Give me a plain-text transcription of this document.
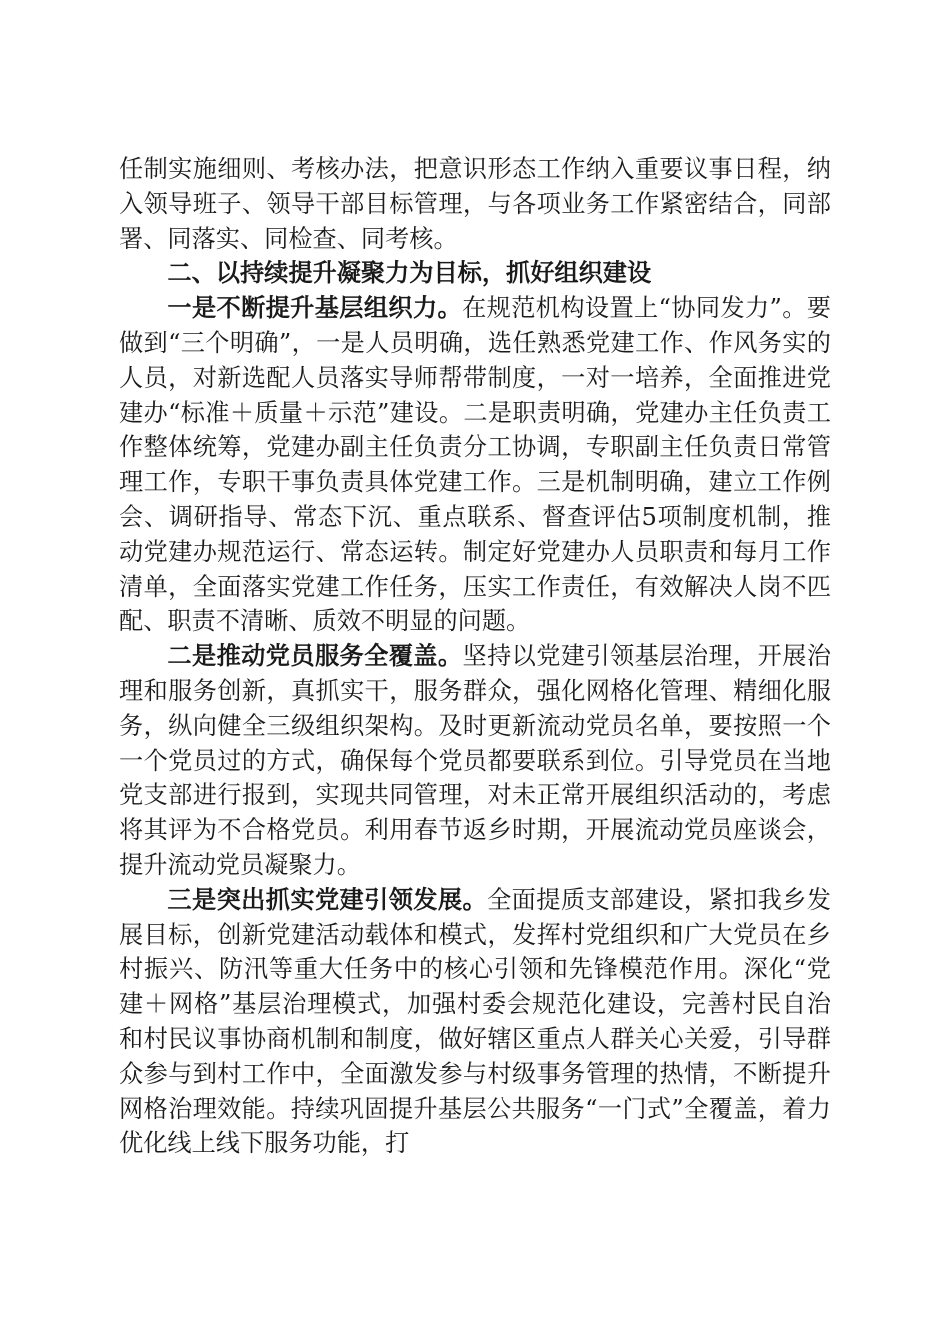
任制实施细则、考核办法，把意识形态工作纳入重要议事日程，纳入领导班子、领导干部目标管理，与各项业务工作紧密结合，同部署、同落实、同检查、同考核。

二、以持续提升凝聚力为目标，抓好组织建设

一是不断提升基层组织力。在规范机构设置上“协同发力”。要做到“三个明确”，一是人员明确，选任熟悉党建工作、作风务实的人员，对新选配人员落实导师帮带制度，一对一培养，全面推进党建办“标准＋质量＋示范”建设。二是职责明确，党建办主任负责工作整体统筹，党建办副主任负责分工协调，专职副主任负责日常管理工作，专职干事负责具体党建工作。三是机制明确，建立工作例会、调研指导、常态下沉、重点联系、督查评估5项制度机制，推动党建办规范运行、常态运转。制定好党建办人员职责和每月工作清单，全面落实党建工作任务，压实工作责任，有效解决人岗不匹配、职责不清晰、质效不明显的问题。

二是推动党员服务全覆盖。坚持以党建引领基层治理，开展治理和服务创新，真抓实干，服务群众，强化网格化管理、精细化服务，纵向健全三级组织架构。及时更新流动党员名单，要按照一个一个党员过的方式，确保每个党员都要联系到位。引导党员在当地党支部进行报到，实现共同管理，对未正常开展组织活动的，考虑将其评为不合格党员。利用春节返乡时期，开展流动党员座谈会，提升流动党员凝聚力。

三是突出抓实党建引领发展。全面提质支部建设，紧扣我乡发展目标，创新党建活动载体和模式，发挥村党组织和广大党员在乡村振兴、防汛等重大任务中的核心引领和先锋模范作用。深化“党建＋网格”基层治理模式，加强村委会规范化建设，完善村民自治和村民议事协商机制和制度，做好辖区重点人群关心关爱，引导群众参与到村工作中，全面激发参与村级事务管理的热情，不断提升网格治理效能。持续巩固提升基层公共服务“一门式”全覆盖，着力优化线上线下服务功能，打
